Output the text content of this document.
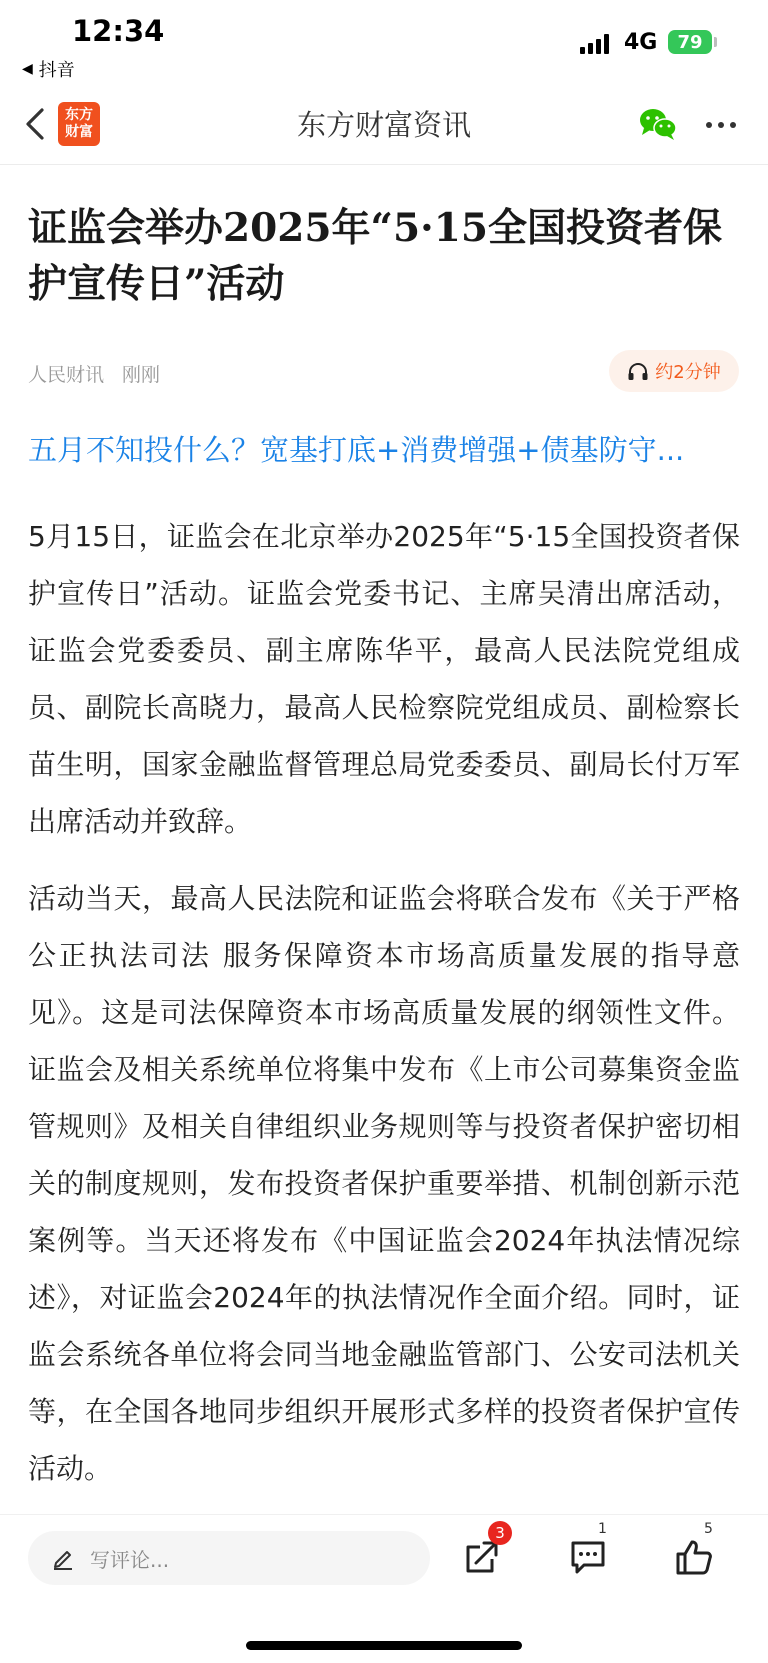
12:34
◀ 抖音
4G 79
东方财富资讯
东方
财富
证监会举办2025年“5·15全国投资者保护宣传日”活动
人民财讯 刚刚	约2分钟
五月不知投什么？宽基打底+消费增强+债基防守...

5月15日，证监会在北京举办2025年“5·15全国投资者保护宣传日”活动。证监会党委书记、主席吴清出席活动，证监会党委委员、副主席陈华平，最高人民法院党组成员、副院长高晓力，最高人民检察院党组成员、副检察长苗生明，国家金融监督管理总局党委委员、副局长付万军出席活动并致辞。

活动当天，最高人民法院和证监会将联合发布《关于严格公正执法司法 服务保障资本市场高质量发展的指导意见》。这是司法保障资本市场高质量发展的纲领性文件。证监会及相关系统单位将集中发布《上市公司募集资金监管规则》及相关自律组织业务规则等与投资者保护密切相关的制度规则，发布投资者保护重要举措、机制创新示范案例等。当天还将发布《中国证监会2024年执法情况综述》，对证监会2024年的执法情况作全面介绍。同时，证监会系统各单位将会同当地金融监管部门、公安司法机关等，在全国各地同步组织开展形式多样的投资者保护宣传活动。

写评论...
3	1	5
